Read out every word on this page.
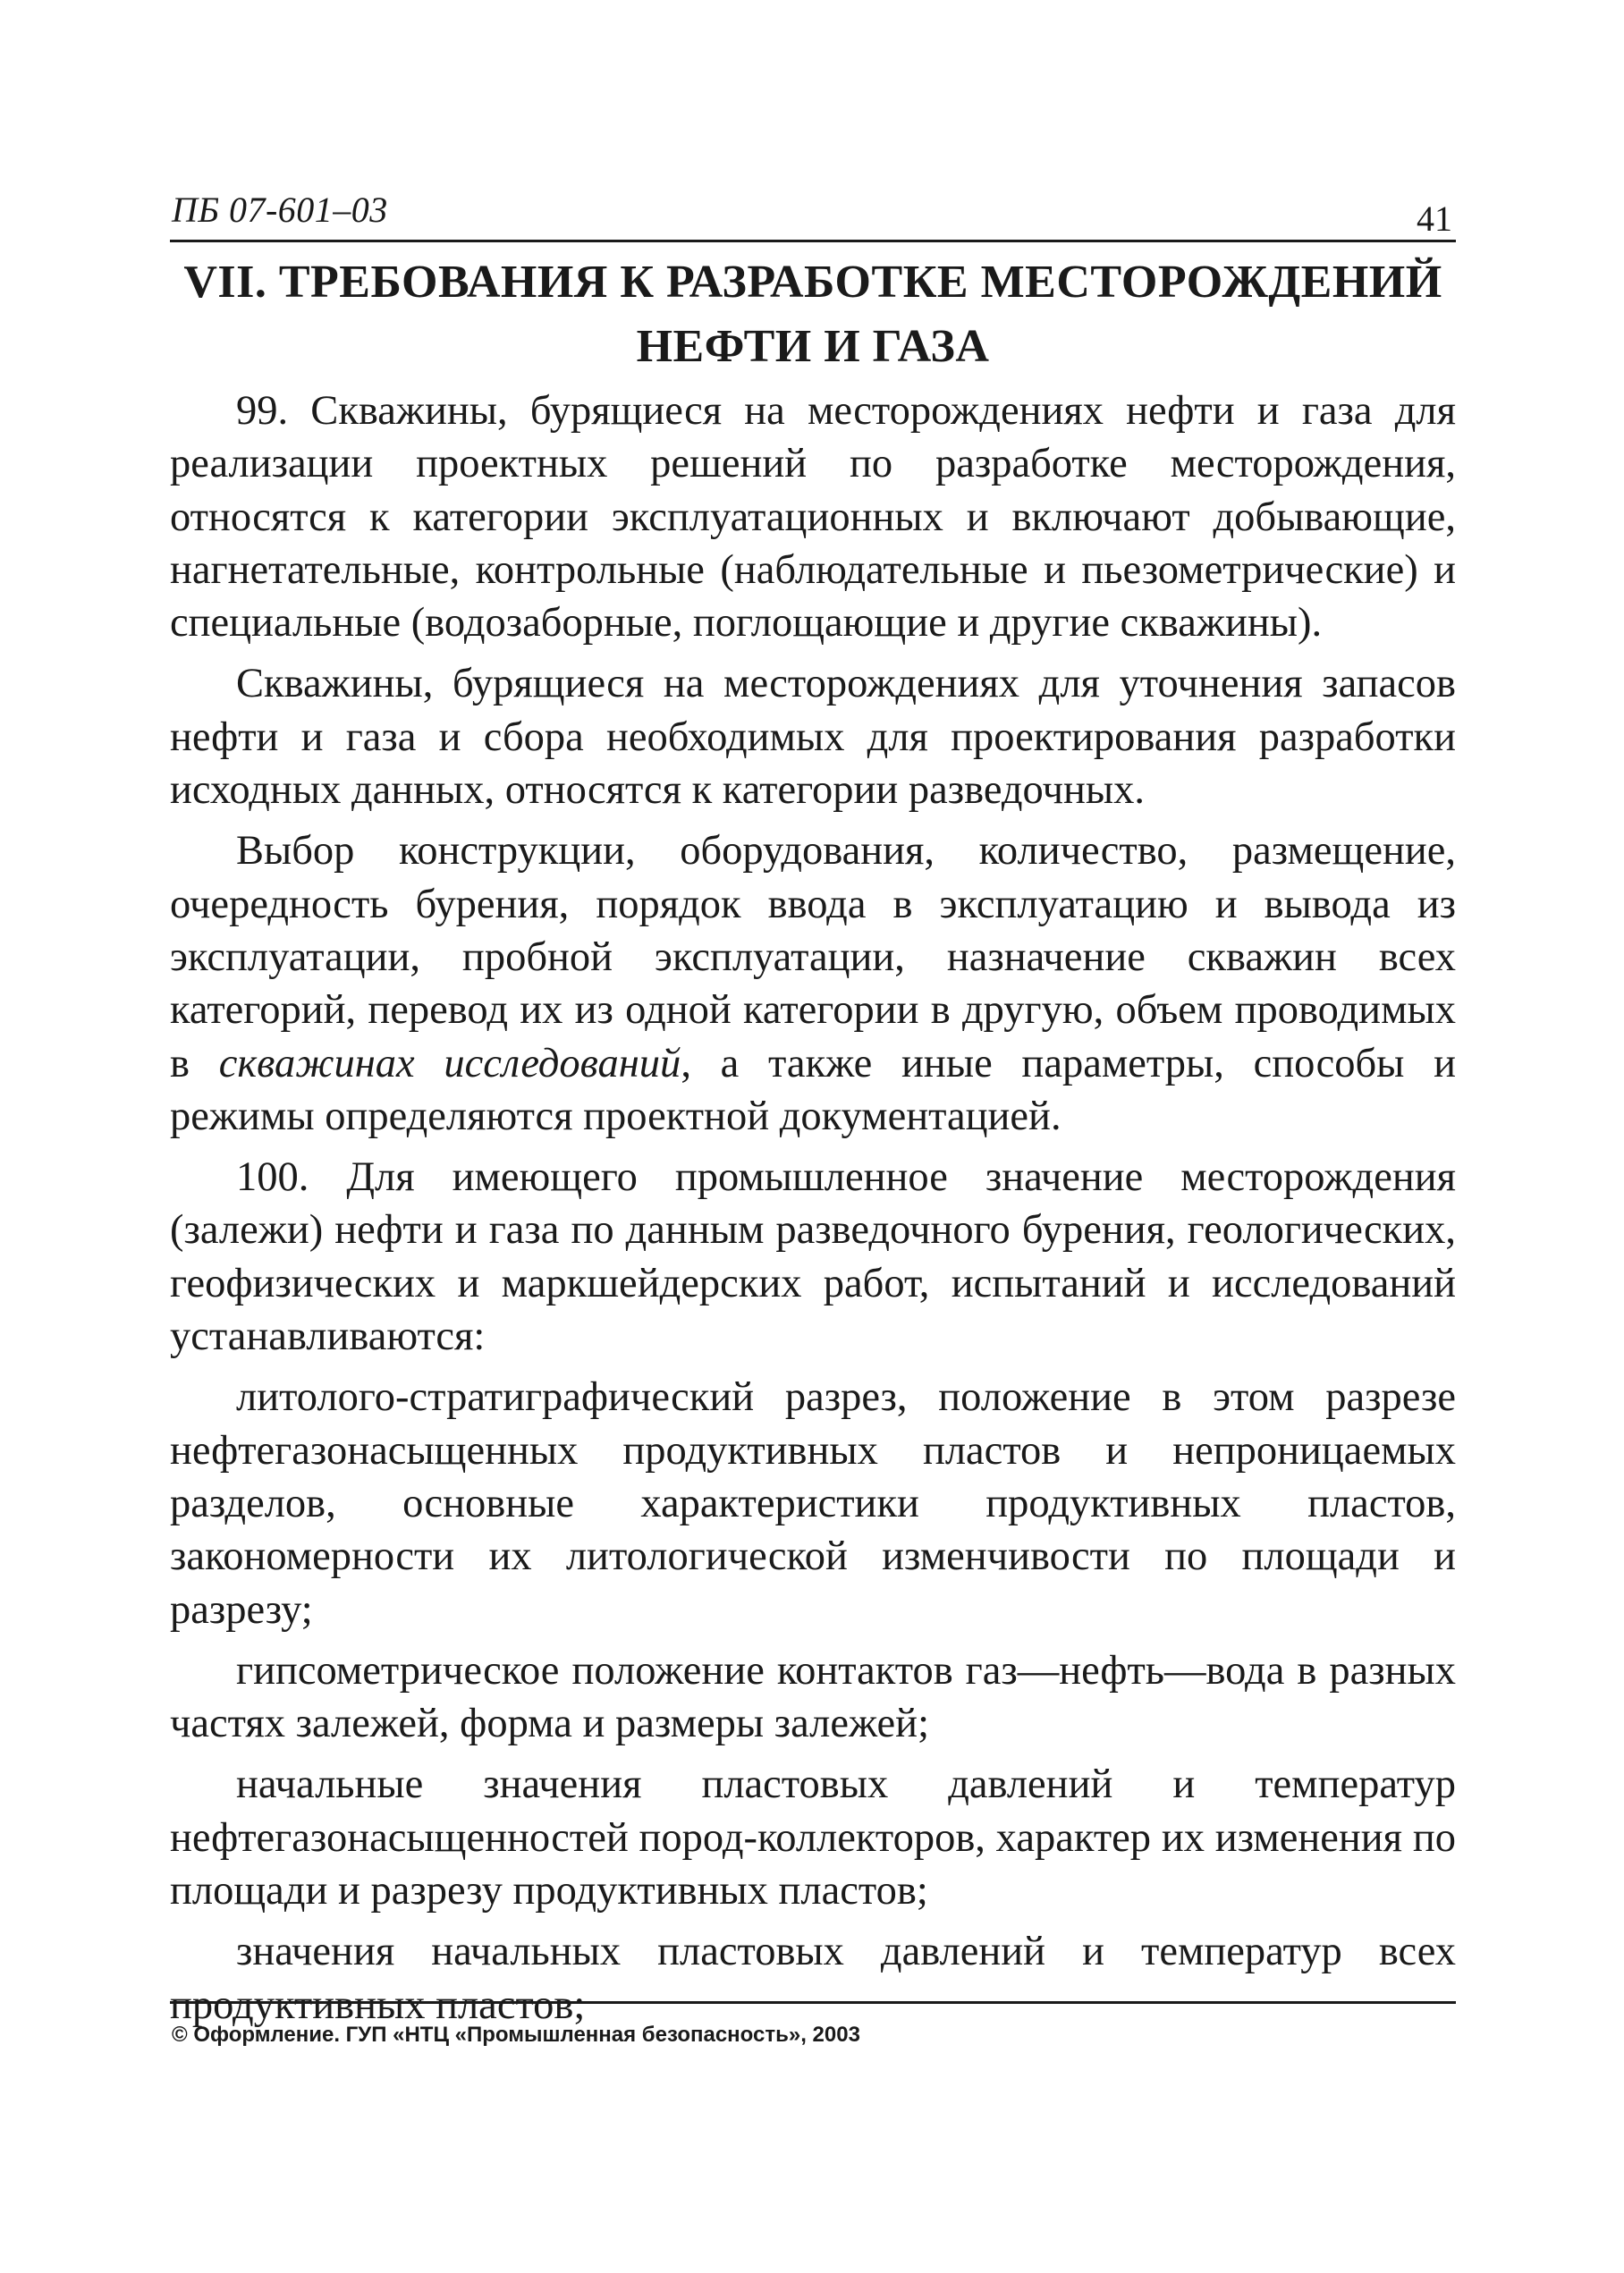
ПБ 07-601–03	41
VII. ТРЕБОВАНИЯ К РАЗРАБОТКЕ МЕСТОРОЖДЕНИЙ
НЕФТИ И ГАЗА

99. Скважины, бурящиеся на месторождениях нефти и газа для реализации проектных решений по разработке месторождения, относятся к категории эксплуатационных и включают добывающие, нагнетательные, контрольные (наблюдательные и пьезометрические) и специальные (водозаборные, поглощающие и другие скважины).

Скважины, бурящиеся на месторождениях для уточнения запасов нефти и газа и сбора необходимых для проектирования разработки исходных данных, относятся к категории разведочных.

Выбор конструкции, оборудования, количество, размещение, очередность бурения, порядок ввода в эксплуатацию и вывода из эксплуатации, пробной эксплуатации, назначение скважин всех категорий, перевод их из одной категории в другую, объем проводимых в скважинах исследований, а также иные параметры, способы и режимы определяются проектной документацией.

100. Для имеющего промышленное значение месторождения (залежи) нефти и газа по данным разведочного бурения, геологических, геофизических и маркшейдерских работ, испытаний и исследований устанавливаются:

литолого-стратиграфический разрез, положение в этом разрезе нефтегазонасыщенных продуктивных пластов и непроницаемых разделов, основные характеристики продуктивных пластов, закономерности их литологической изменчивости по площади и разрезу;

гипсометрическое положение контактов газ—нефть—вода в разных частях залежей, форма и размеры залежей;

начальные значения пластовых давлений и температур нефтегазонасыщенностей пород-коллекторов, характер их изменения по площади и разрезу продуктивных пластов;

значения начальных пластовых давлений и температур всех продуктивных пластов;

© Оформление. ГУП «НТЦ «Промышленная безопасность», 2003
